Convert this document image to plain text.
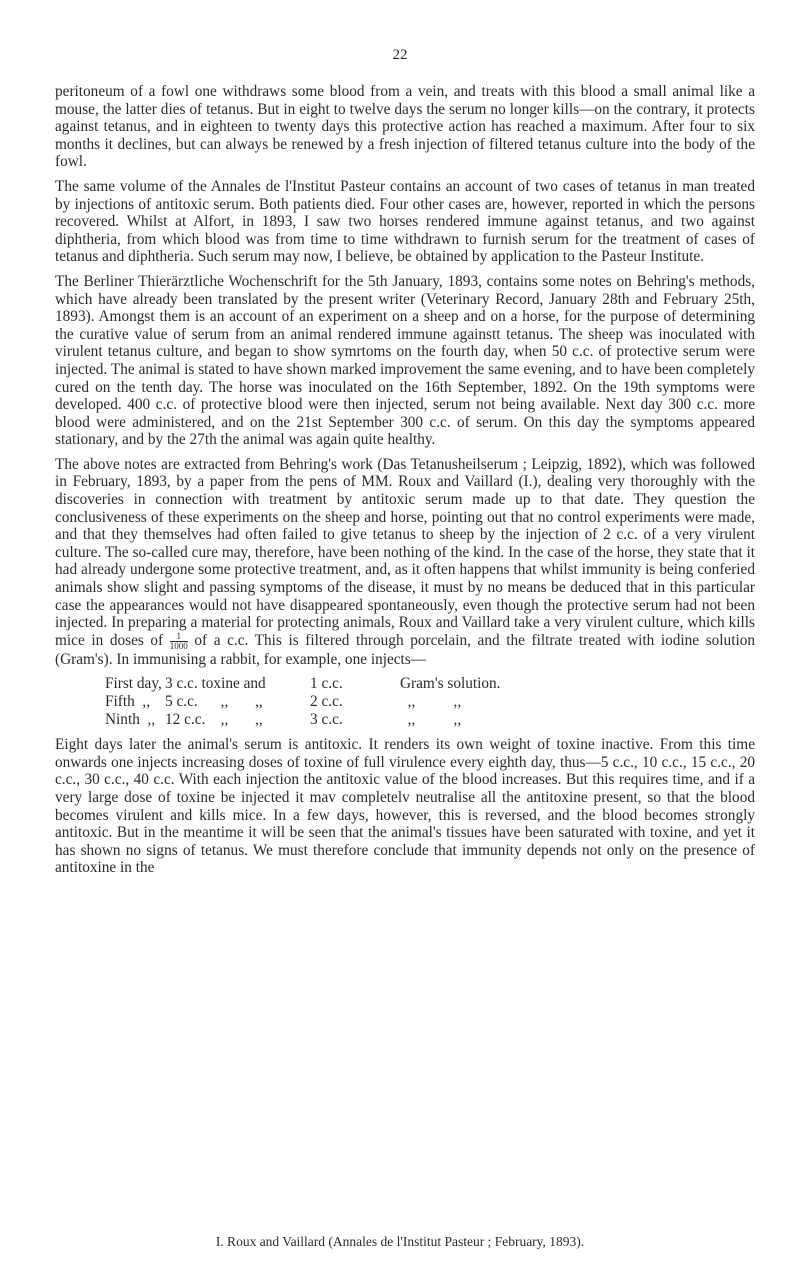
22

peritoneum of a fowl one withdraws some blood from a vein, and treats with this blood a small animal like a mouse, the latter dies of tetanus. But in eight to twelve days the serum no longer kills—on the contrary, it protects against tetanus, and in eighteen to twenty days this protective action has reached a maximum. After four to six months it declines, but can always be renewed by a fresh injection of filtered tetanus culture into the body of the fowl.

The same volume of the Annales de l'Institut Pasteur contains an account of two cases of tetanus in man treated by injections of antitoxic serum. Both patients died. Four other cases are, however, reported in which the persons recovered. Whilst at Alfort, in 1893, I saw two horses rendered immune against tetanus, and two against diphtheria, from which blood was from time to time withdrawn to furnish serum for the treatment of cases of tetanus and diphtheria. Such serum may now, I believe, be obtained by application to the Pasteur Institute.

The Berliner Thierärztliche Wochenschrift for the 5th January, 1893, contains some notes on Behring's methods, which have already been translated by the present writer (Veterinary Record, January 28th and February 25th, 1893). Amongst them is an account of an experiment on a sheep and on a horse, for the purpose of determining the curative value of serum from an animal rendered immune againstt tetanus. The sheep was inoculated with virulent tetanus culture, and began to show symrtoms on the fourth day, when 50 c.c. of protective serum were injected. The animal is stated to have shown marked improvement the same evening, and to have been completely cured on the tenth day. The horse was inoculated on the 16th September, 1892. On the 19th symptoms were developed. 400 c.c. of protective blood were then injected, serum not being available. Next day 300 c.c. more blood were administered, and on the 21st September 300 c.c. of serum. On this day the symptoms appeared stationary, and by the 27th the animal was again quite healthy.

The above notes are extracted from Behring's work (Das Tetanusheilserum ; Leipzig, 1892), which was followed in February, 1893, by a paper from the pens of MM. Roux and Vaillard (I.), dealing very thoroughly with the discoveries in connection with treatment by antitoxic serum made up to that date. They question the conclusiveness of these experiments on the sheep and horse, pointing out that no control experiments were made, and that they themselves had often failed to give tetanus to sheep by the injection of 2 c.c. of a very virulent culture. The so-called cure may, therefore, have been nothing of the kind. In the case of the horse, they state that it had already undergone some protective treatment, and, as it often happens that whilst immunity is being conferied animals show slight and passing symptoms of the disease, it must by no means be deduced that in this particular case the appearances would not have disappeared spontaneously, even though the protective serum had not been injected. In preparing a material for protecting animals, Roux and Vaillard take a very virulent culture, which kills mice in doses of $\frac{1}{1000}$ of a c.c. This is filtered through porcelain, and the filtrate treated with iodine solution (Gram's). In immunising a rabbit, for example, one injects—

First day, 3 c.c. toxine and	1 c.c.	Gram's solution.
Fifth  ,, 5 c.c.      ,,       ,,	2 c.c.	,,          ,,
Ninth  ,, 12 c.c.    ,,       ,,	3 c.c.	,,          ,,

Eight days later the animal's serum is antitoxic. It renders its own weight of toxine inactive. From this time onwards one injects increasing doses of toxine of full virulence every eighth day, thus—5 c.c., 10 c.c., 15 c.c., 20 c.c., 30 c.c., 40 c.c. With each injection the antitoxic value of the blood increases. But this requires time, and if a very large dose of toxine be injected it mav completelv neutralise all the antitoxine present, so that the blood becomes virulent and kills mice. In a few days, however, this is reversed, and the blood becomes strongly antitoxic. But in the meantime it will be seen that the animal's tissues have been saturated with toxine, and yet it has shown no signs of tetanus. We must therefore conclude that immunity depends not only on the presence of antitoxine in the

I. Roux and Vaillard (Annales de l'Institut Pasteur ; February, 1893).
